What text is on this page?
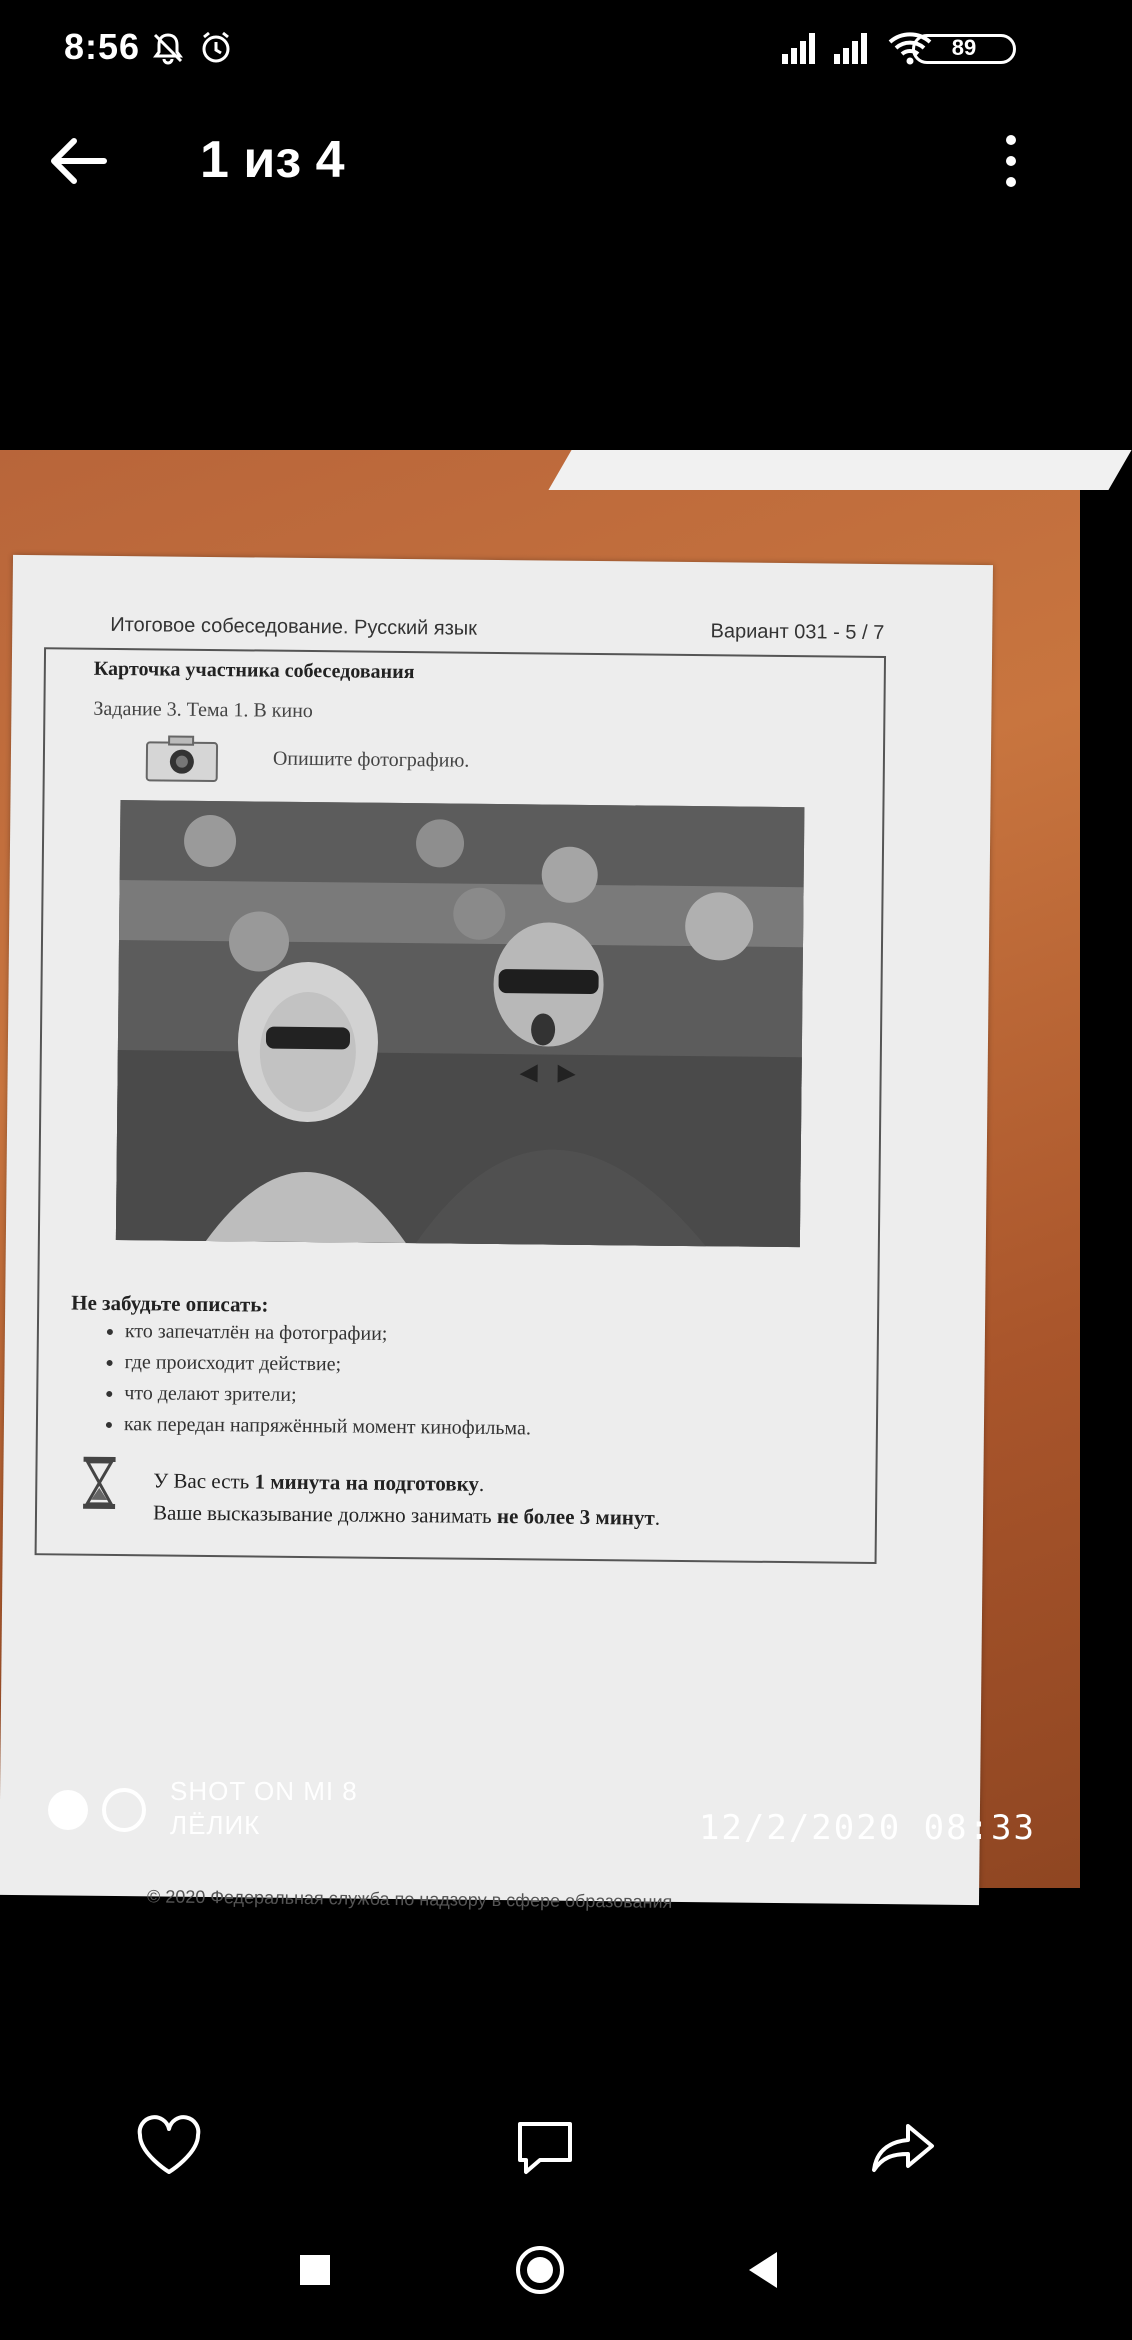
8:56	89
1 из 4
Итоговое собеседование. Русский язык	Вариант 031 - 5 / 7
Карточка участника собеседования
Задание 3. Тема 1. В кино
Опишите фотографию.
Не забудьте описать:
• кто запечатлён на фотографии;
• где происходит действие;
• что делают зрители;
• как передан напряжённый момент кинофильма.
У Вас есть 1 минута на подготовку.
Ваше высказывание должно занимать не более 3 минут.
© 2020 Федеральная служба по надзору в сфере образования
SHOT ON MI 8
ЛЁЛИК	12/2/2020 08:33
